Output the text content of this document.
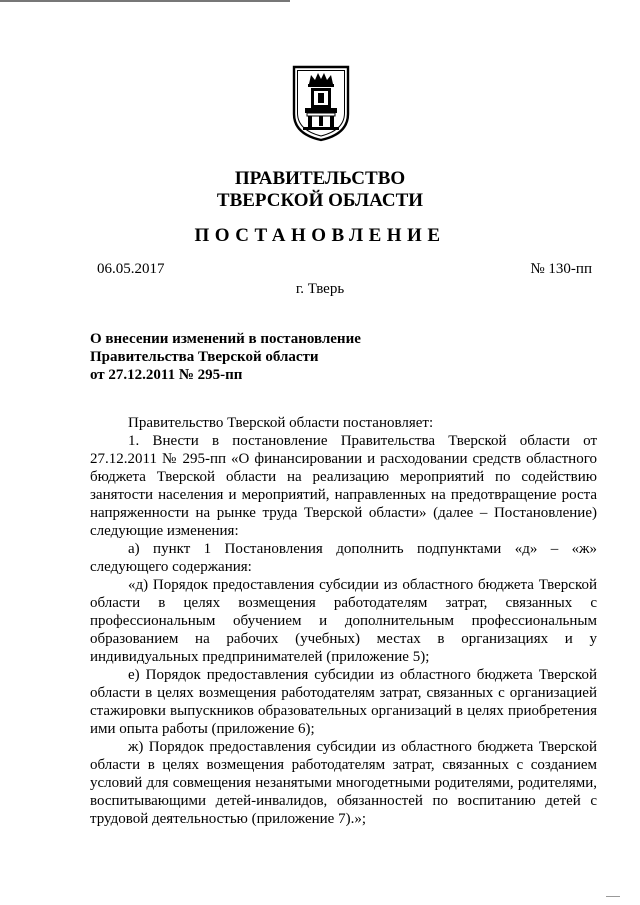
ПРАВИТЕЛЬСТВО
ТВЕРСКОЙ ОБЛАСТИ
ПОСТАНОВЛЕНИЕ
06.05.2017	№ 130-пп
г. Тверь
О внесении изменений в постановление
Правительства Тверской области
от 27.12.2011 № 295-пп

Правительство Тверской области постановляет:

1. Внести в постановление Правительства Тверской области от 27.12.2011 № 295-пп «О финансировании и расходовании средств областного бюджета Тверской области на реализацию мероприятий по содействию занятости населения и мероприятий, направленных на предотвращение роста напряженности на рынке труда Тверской области» (далее – Постановление) следующие изменения:

а) пункт 1 Постановления дополнить подпунктами «д» – «ж» следующего содержания:

«д) Порядок предоставления субсидии из областного бюджета Тверской области в целях возмещения работодателям затрат, связанных с профессиональным обучением и дополнительным профессиональным образованием на рабочих (учебных) местах в организациях и у индивидуальных предпринимателей (приложение 5);

е) Порядок предоставления субсидии из областного бюджета Тверской области в целях возмещения работодателям затрат, связанных с организацией стажировки выпускников образовательных организаций в целях приобретения ими опыта работы (приложение 6);

ж) Порядок предоставления субсидии из областного бюджета Тверской области в целях возмещения работодателям затрат, связанных с созданием условий для совмещения незанятыми многодетными родителями, родителями, воспитывающими детей-инвалидов, обязанностей по воспитанию детей с трудовой деятельностью (приложение 7).»;
